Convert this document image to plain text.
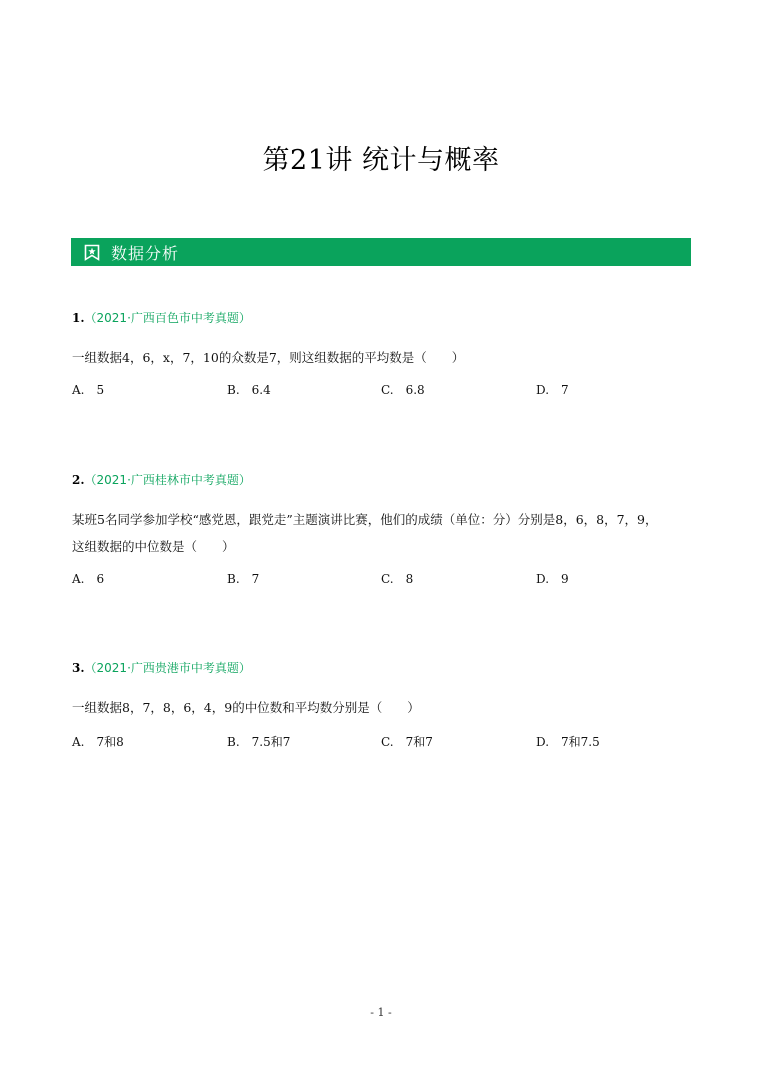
第21讲 统计与概率
数据分析
1.（2021·广西百色市中考真题）
一组数据4，6，x，7，10的众数是7，则这组数据的平均数是（　　）
A. 5	B. 6.4	C. 6.8	D. 7
2.（2021·广西桂林市中考真题）
某班5名同学参加学校“感党恩，跟党走”主题演讲比赛，他们的成绩（单位：分）分别是8，6，8，7，9，
这组数据的中位数是（　　）
A. 6	B. 7	C. 8	D. 9
3.（2021·广西贵港市中考真题）
一组数据8，7，8，6，4，9的中位数和平均数分别是（　　）
A. 7和8	B. 7.5和7	C. 7和7	D. 7和7.5
- 1 -
